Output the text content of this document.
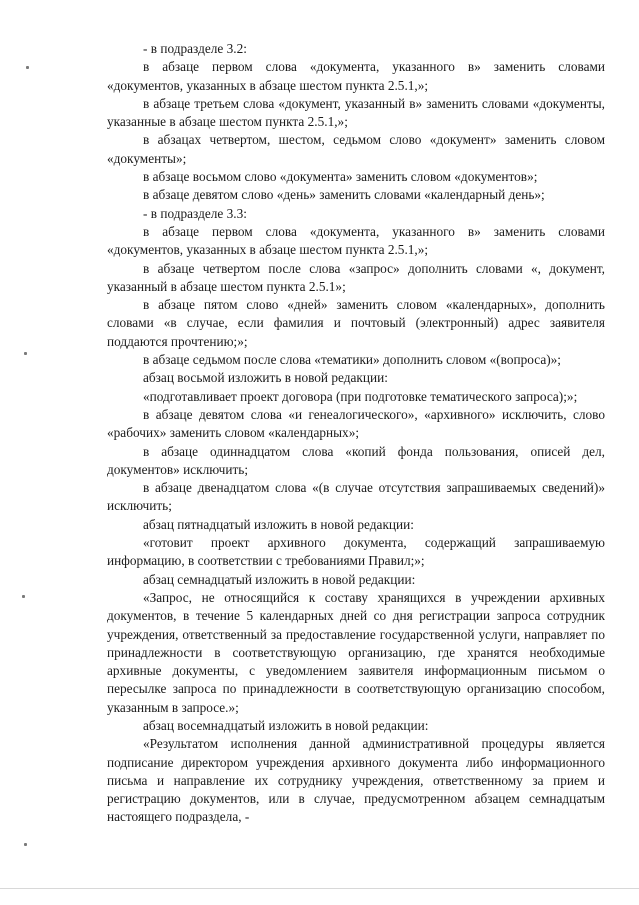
- в подразделе 3.2:

в абзаце первом слова «документа, указанного в» заменить словами «документов, указанных в абзаце шестом пункта 2.5.1,»;

в абзаце третьем слова «документ, указанный в» заменить словами «документы, указанные в абзаце шестом пункта 2.5.1,»;

в абзацах четвертом, шестом, седьмом слово «документ» заменить словом «документы»;

в абзаце восьмом слово «документа» заменить словом «документов»;

в абзаце девятом слово «день» заменить словами «календарный день»;

- в подразделе 3.3:

в абзаце первом слова «документа, указанного в» заменить словами «документов, указанных в абзаце шестом пункта 2.5.1,»;

в абзаце четвертом после слова «запрос» дополнить словами «, документ, указанный в абзаце шестом пункта 2.5.1»;

в абзаце пятом слово «дней» заменить словом «календарных», дополнить словами «в случае, если фамилия и почтовый (электронный) адрес заявителя поддаются прочтению;»;

в абзаце седьмом после слова «тематики» дополнить словом «(вопроса)»;

абзац восьмой изложить в новой редакции:

«подготавливает проект договора (при подготовке тематического запроса);»;

в абзаце девятом слова «и генеалогического», «архивного» исключить, слово «рабочих» заменить словом «календарных»;

в абзаце одиннадцатом слова «копий фонда пользования, описей дел, документов» исключить;

в абзаце двенадцатом слова «(в случае отсутствия запрашиваемых сведений)» исключить;

абзац пятнадцатый изложить в новой редакции:

«готовит проект архивного документа, содержащий запрашиваемую информацию, в соответствии с требованиями Правил;»;

абзац семнадцатый изложить в новой редакции:

«Запрос, не относящийся к составу хранящихся в учреждении архивных документов, в течение 5 календарных дней со дня регистрации запроса сотрудник учреждения, ответственный за предоставление государственной услуги, направляет по принадлежности в соответствующую организацию, где хранятся необходимые архивные документы, с уведомлением заявителя информационным письмом о пересылке запроса по принадлежности в соответствующую организацию способом, указанным в запросе.»;

абзац восемнадцатый изложить в новой редакции:

«Результатом исполнения данной административной процедуры является подписание директором учреждения архивного документа либо информационного письма и направление их сотруднику учреждения, ответственному за прием и регистрацию документов, или в случае, предусмотренном абзацем семнадцатым настоящего подраздела, -
